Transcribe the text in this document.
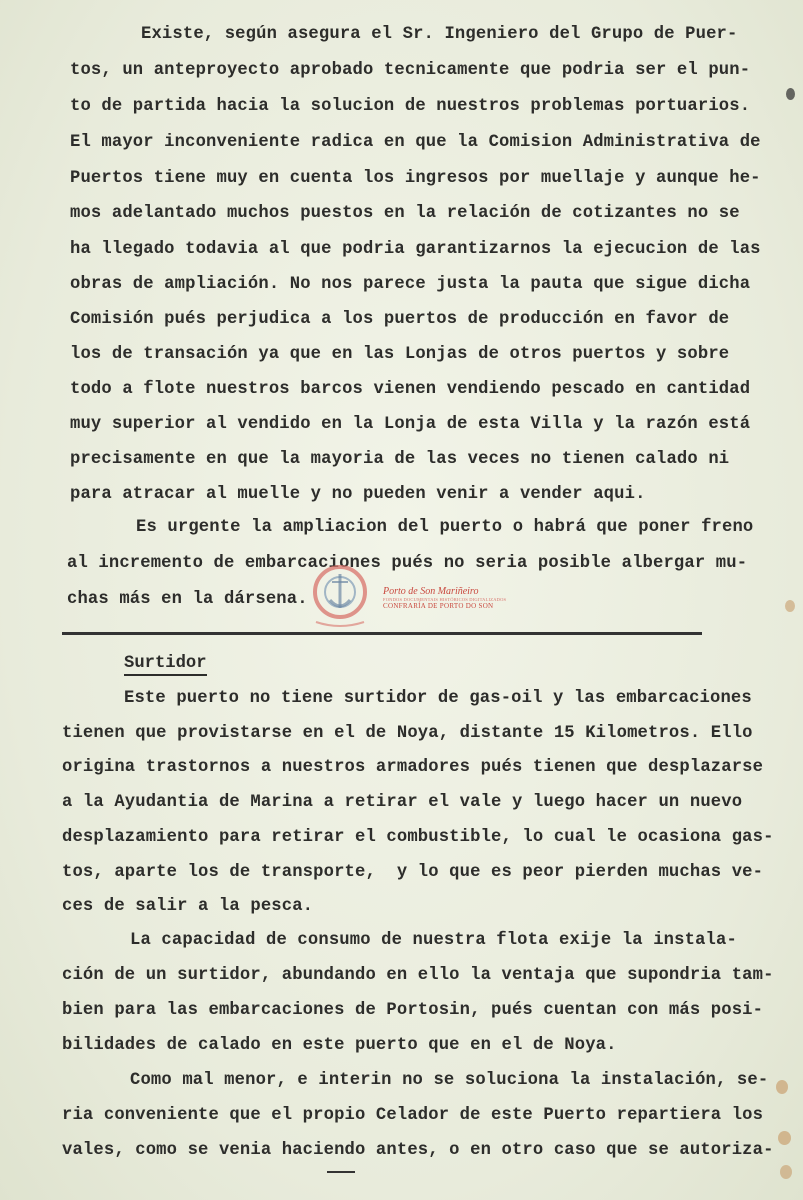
Existe, según asegura el Sr. Ingeniero del Grupo de Puer-
tos, un anteproyecto aprobado tecnicamente que podria ser el pun-
to de partida hacia la solucion de nuestros problemas portuarios.
El mayor inconveniente radica en que la Comision Administrativa de
Puertos tiene muy en cuenta los ingresos por muellaje y aunque he-
mos adelantado muchos puestos en la relación de cotizantes no se
ha llegado todavia al que podria garantizarnos la ejecucion de las
obras de ampliación. No nos parece justa la pauta que sigue dicha
Comisión pués perjudica a los puertos de producción en favor de
los de transación ya que en las Lonjas de otros puertos y sobre
todo a flote nuestros barcos vienen vendiendo pescado en cantidad
muy superior al vendido en la Lonja de esta Villa y la razón está
precisamente en que la mayoria de las veces no tienen calado ni
para atracar al muelle y no pueden venir a vender aqui.
Es urgente la ampliacion del puerto o habrá que poner freno
al incremento de embarcaciones pués no seria posible albergar mu-
chas más en la dársena.	Porto de Son Mariñeiro
FONDOS DOCUMENTAIS HISTÓRICOS DIGITALIZADOS
CONFRARÍA DE PORTO DO SON
Surtidor
Este puerto no tiene surtidor de gas-oil y las embarcaciones
tienen que provistarse en el de Noya, distante 15 Kilometros. Ello
origina trastornos a nuestros armadores pués tienen que desplazarse
a la Ayudantia de Marina a retirar el vale y luego hacer un nuevo
desplazamiento para retirar el combustible, lo cual le ocasiona gas-
tos, aparte los de transporte,  y lo que es peor pierden muchas ve-
ces de salir a la pesca.
La capacidad de consumo de nuestra flota exije la instala-
ción de un surtidor, abundando en ello la ventaja que supondria tam-
bien para las embarcaciones de Portosin, pués cuentan con más posi-
bilidades de calado en este puerto que en el de Noya.
Como mal menor, e interin no se soluciona la instalación, se-
ria conveniente que el propio Celador de este Puerto repartiera los
vales, como se venia haciendo antes, o en otro caso que se autoriza-
